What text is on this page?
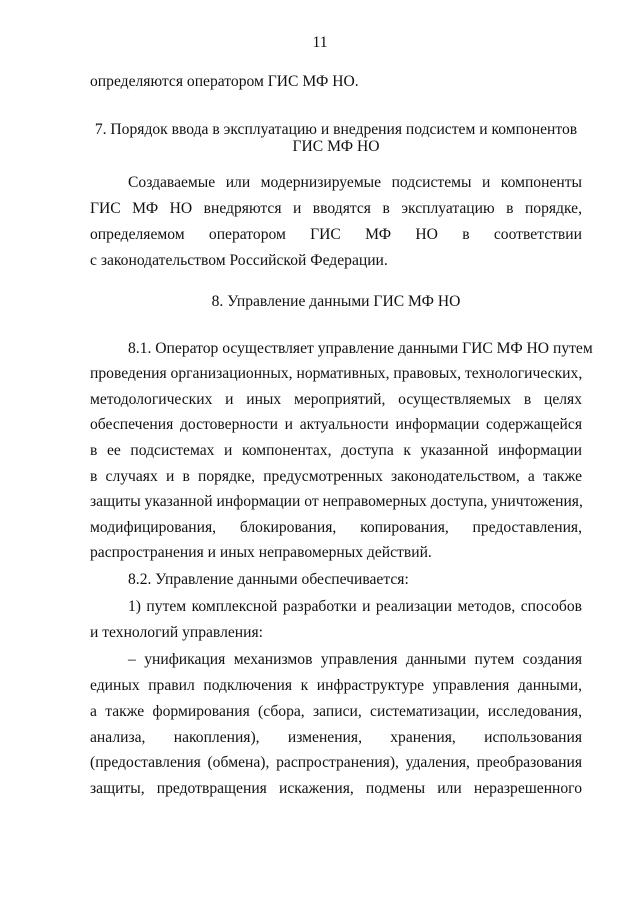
11
определяются оператором ГИС МФ НО.
7. Порядок ввода в эксплуатацию и внедрения подсистем и компонентов
ГИС МФ НО
Создаваемые или модернизируемые подсистемы и компоненты
ГИС МФ НО внедряются и вводятся в эксплуатацию в порядке,
определяемом оператором ГИС МФ НО в соответствии
с законодательством Российской Федерации.
8. Управление данными ГИС МФ НО
8.1. Оператор осуществляет управление данными ГИС МФ НО путем
проведения организационных, нормативных, правовых, технологических,
методологических и иных мероприятий, осуществляемых в целях
обеспечения достоверности и актуальности информации содержащейся
в ее подсистемах и компонентах, доступа к указанной информации
в случаях и в порядке, предусмотренных законодательством, а также
защиты указанной информации от неправомерных доступа, уничтожения,
модифицирования, блокирования, копирования, предоставления,
распространения и иных неправомерных действий.
8.2. Управление данными обеспечивается:
1) путем комплексной разработки и реализации методов, способов
и технологий управления:
– унификация механизмов управления данными путем создания
единых правил подключения к инфраструктуре управления данными,
а также формирования (сбора, записи, систематизации, исследования,
анализа, накопления), изменения, хранения, использования
(предоставления (обмена), распространения), удаления, преобразования
защиты, предотвращения искажения, подмены или неразрешенного
